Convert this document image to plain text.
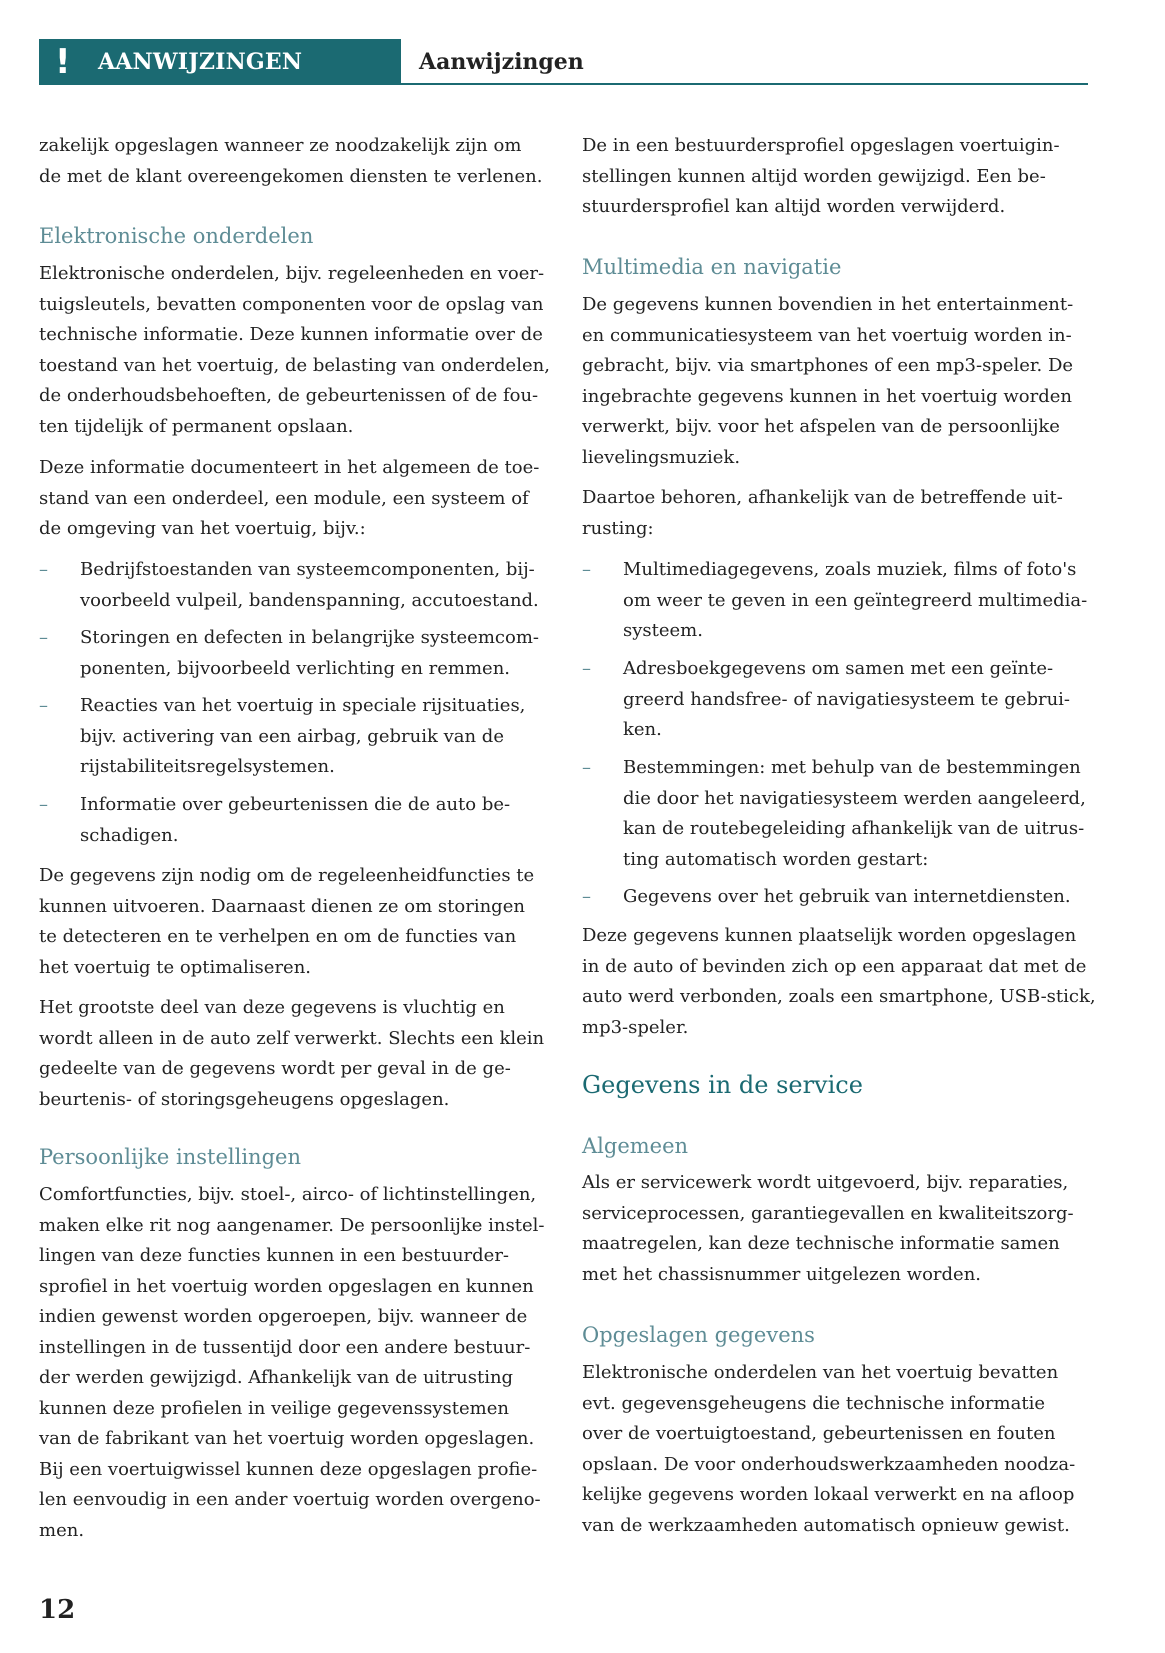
! AANWIJZINGEN	Aanwijzingen
zakelijk opgeslagen wanneer ze noodzakelijk zijn om
de met de klant overeengekomen diensten te verlenen.
Elektronische onderdelen
Elektronische onderdelen, bijv. regeleenheden en voer-
tuigsleutels, bevatten componenten voor de opslag van
technische informatie. Deze kunnen informatie over de
toestand van het voertuig, de belasting van onderdelen,
de onderhoudsbehoeften, de gebeurtenissen of de fou-
ten tijdelijk of permanent opslaan.
Deze informatie documenteert in het algemeen de toe-
stand van een onderdeel, een module, een systeem of
de omgeving van het voertuig, bijv.:
– Bedrijfstoestanden van systeemcomponenten, bij-
voorbeeld vulpeil, bandenspanning, accutoestand.
– Storingen en defecten in belangrijke systeemcom-
ponenten, bijvoorbeeld verlichting en remmen.
– Reacties van het voertuig in speciale rijsituaties,
bijv. activering van een airbag, gebruik van de
rijstabiliteitsregelsystemen.
– Informatie over gebeurtenissen die de auto be-
schadigen.
De gegevens zijn nodig om de regeleenheidfuncties te
kunnen uitvoeren. Daarnaast dienen ze om storingen
te detecteren en te verhelpen en om de functies van
het voertuig te optimaliseren.
Het grootste deel van deze gegevens is vluchtig en
wordt alleen in de auto zelf verwerkt. Slechts een klein
gedeelte van de gegevens wordt per geval in de ge-
beurtenis- of storingsgeheugens opgeslagen.
Persoonlijke instellingen
Comfortfuncties, bijv. stoel-, airco- of lichtinstellingen,
maken elke rit nog aangenamer. De persoonlijke instel-
lingen van deze functies kunnen in een bestuurder-
sprofiel in het voertuig worden opgeslagen en kunnen
indien gewenst worden opgeroepen, bijv. wanneer de
instellingen in de tussentijd door een andere bestuur-
der werden gewijzigd. Afhankelijk van de uitrusting
kunnen deze profielen in veilige gegevenssystemen
van de fabrikant van het voertuig worden opgeslagen.
Bij een voertuigwissel kunnen deze opgeslagen profie-
len eenvoudig in een ander voertuig worden overgeno-
men.
De in een bestuurdersprofiel opgeslagen voertuigin-
stellingen kunnen altijd worden gewijzigd. Een be-
stuurdersprofiel kan altijd worden verwijderd.
Multimedia en navigatie
De gegevens kunnen bovendien in het entertainment-
en communicatiesysteem van het voertuig worden in-
gebracht, bijv. via smartphones of een mp3-speler. De
ingebrachte gegevens kunnen in het voertuig worden
verwerkt, bijv. voor het afspelen van de persoonlijke
lievelingsmuziek.
Daartoe behoren, afhankelijk van de betreffende uit-
rusting:
– Multimediagegevens, zoals muziek, films of foto's
om weer te geven in een geïntegreerd multimedia-
systeem.
– Adresboekgegevens om samen met een geïnte-
greerd handsfree- of navigatiesysteem te gebrui-
ken.
– Bestemmingen: met behulp van de bestemmingen
die door het navigatiesysteem werden aangeleerd,
kan de routebegeleiding afhankelijk van de uitrus-
ting automatisch worden gestart:
– Gegevens over het gebruik van internetdiensten.
Deze gegevens kunnen plaatselijk worden opgeslagen
in de auto of bevinden zich op een apparaat dat met de
auto werd verbonden, zoals een smartphone, USB-stick,
mp3-speler.
Gegevens in de service
Algemeen
Als er servicewerk wordt uitgevoerd, bijv. reparaties,
serviceprocessen, garantiegevallen en kwaliteitszorg-
maatregelen, kan deze technische informatie samen
met het chassisnummer uitgelezen worden.
Opgeslagen gegevens
Elektronische onderdelen van het voertuig bevatten
evt. gegevensgeheugens die technische informatie
over de voertuigtoestand, gebeurtenissen en fouten
opslaan. De voor onderhoudswerkzaamheden noodza-
kelijke gegevens worden lokaal verwerkt en na afloop
van de werkzaamheden automatisch opnieuw gewist.
12
